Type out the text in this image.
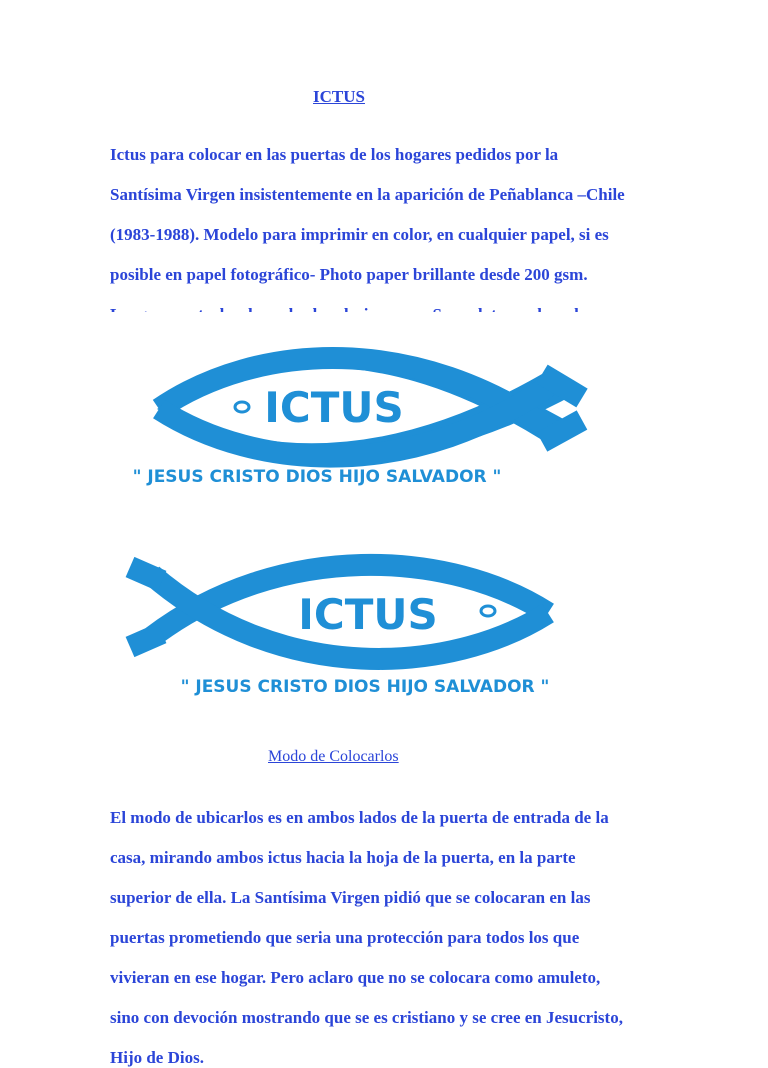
ICTUS

Ictus para colocar en las puertas de los hogares pedidos por la

Santísima Virgen insistentemente en la aparición de Peñablanca –Chile

(1983-1988). Modelo para imprimir en color, en cualquier papel, si es

posible en papel fotográfico- Photo paper brillante desde 200 gsm.

ICTUS
" JESUS CRISTO DIOS HIJO SALVADOR "
ICTUS
" JESUS CRISTO DIOS HIJO SALVADOR "
Modo de Colocarlos

El modo de ubicarlos es en ambos lados de la puerta de entrada de la

casa, mirando ambos ictus hacia la hoja de la puerta, en la parte

superior de ella. La Santísima Virgen pidió que se colocaran en las

puertas prometiendo que seria una protección para todos los que

vivieran en ese hogar. Pero aclaro que no se colocara como amuleto,

sino con devoción mostrando que se es cristiano y se cree en Jesucristo,

Hijo de Dios.
